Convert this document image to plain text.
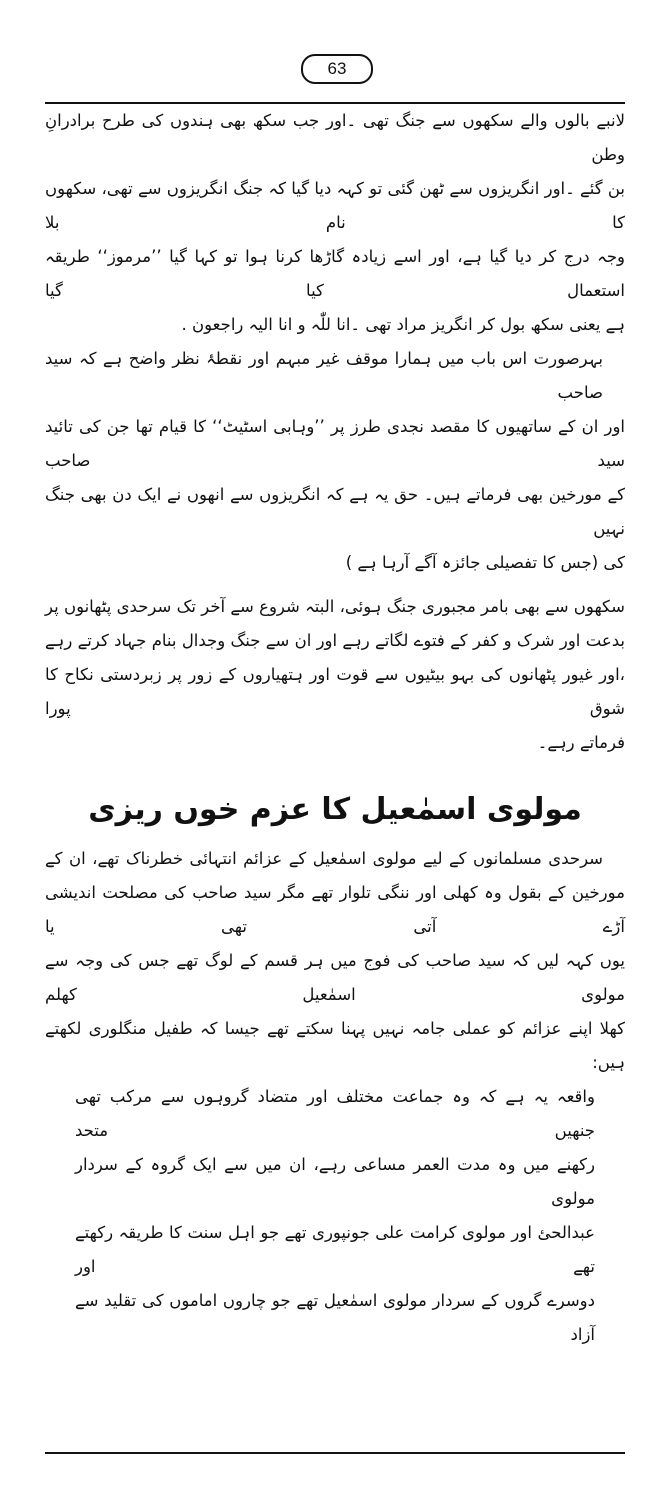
63
لانبے بالوں والے سکھوں سے جنگ تھی ۔اور جب سکھ بھی ہندوں کی طرح برادرانِ وطن
بن گئے ۔اور انگریزوں سے ٹھن گئی تو کہہ دیا گیا کہ جنگ انگریزوں سے تھی، سکھوں کا نام بلا
وجہ درج کر دیا گیا ہے، اور اسے زیادہ گاڑھا کرنا ہوا تو کہا گیا ’’مرموز‘‘ طریقہ استعمال کیا گیا
ہے یعنی سکھ بول کر انگریز مراد تھی ۔انا للّٰہ و انا الیہ راجعون .
بہرصورت اس باب میں ہمارا موقف غیر مبہم اور نقطۂ نظر واضح ہے کہ سید صاحب
اور ان کے ساتھیوں کا مقصد نجدی طرز پر ’’وہابی اسٹیٹ‘‘ کا قیام تھا جن کی تائید سید صاحب
کے مورخین بھی فرماتے ہیں۔ حق یہ ہے کہ انگریزوں سے انھوں نے ایک دن بھی جنگ نہیں
کی (جس کا تفصیلی جائزہ آگے آرہا ہے )
سکھوں سے بھی بامر مجبوری جنگ ہوئی، البتہ شروع سے آخر تک سرحدی پٹھانوں پر
بدعت اور شرک و کفر کے فتوے لگاتے رہے اور ان سے جنگ وجدال بنام جہاد کرتے رہے
،اور غیور پٹھانوں کی بہو بیٹیوں سے قوت اور ہتھیاروں کے زور پر زبردستی نکاح کا شوق پورا
فرماتے رہے۔
مولوی اسمٰعیل کا عزم خوں ریزی
سرحدی مسلمانوں کے لیے مولوی اسمٰعیل کے عزائم انتہائی خطرناک تھے، ان کے
مورخین کے بقول وہ کھلی اور ننگی تلوار تھے مگر سید صاحب کی مصلحت اندیشی آڑے آتی تھی یا
یوں کہہ لیں کہ سید صاحب کی فوج میں ہر قسم کے لوگ تھے جس کی وجہ سے مولوی اسمٰعیل کھلم
کھلا اپنے عزائم کو عملی جامہ نہیں پہنا سکتے تھے جیسا کہ طفیل منگلوری لکھتے ہیں:
واقعہ یہ ہے کہ وہ جماعت مختلف اور متضاد گروہوں سے مرکب تھی جنھیں متحد
رکھنے میں وہ مدت العمر مساعی رہے، ان میں سے ایک گروہ کے سردار مولوی
عبدالحئ اور مولوی کرامت علی جونپوری تھے جو اہل سنت کا طریقہ رکھتے تھے اور
دوسرے گروں کے سردار مولوی اسمٰعیل تھے جو چاروں اماموں کی تقلید سے آزاد
